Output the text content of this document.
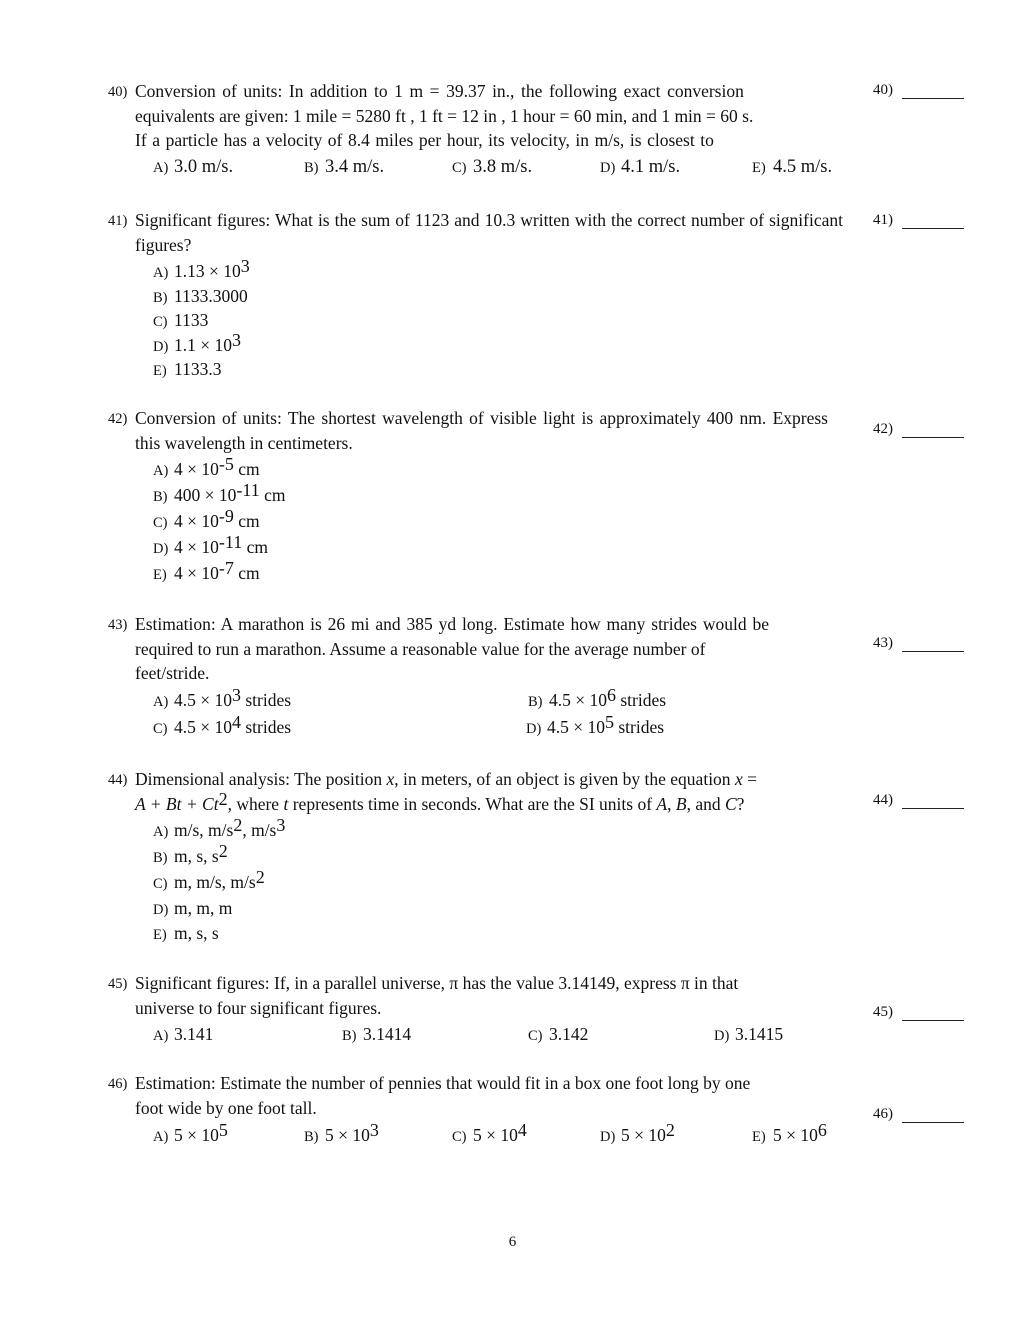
40) Conversion of units: In addition to 1 m = 39.37 in., the following exact conversion
equivalents are given: 1 mile = 5280 ft , 1 ft = 12 in , 1 hour = 60 min, and 1 min = 60 s.
If a particle has a velocity of 8.4 miles per hour, its velocity, in m/s, is closest to
A) 3.0 m/s.	B) 3.4 m/s.	C) 3.8 m/s.	D) 4.1 m/s.	E) 4.5 m/s.
40)
41) Significant figures: What is the sum of 1123 and 10.3 written with the correct number of significant figures?
A) $1.13 \times 10^3$
B) 1133.3000
C) 1133
D) $1.1 \times 10^3$
E) 1133.3
41)
42) Conversion of units: The shortest wavelength of visible light is approximately 400 nm. Express this wavelength in centimeters.
A) $4 \times 10^{-5}$ cm
B) $400 \times 10^{-11}$ cm
C) $4 \times 10^{-9}$ cm
D) $4 \times 10^{-11}$ cm
E) $4 \times 10^{-7}$ cm
42)
43) Estimation: A marathon is 26 mi and 385 yd long. Estimate how many strides would be
required to run a marathon. Assume a reasonable value for the average number of
feet/stride.
A) $4.5 \times 10^3$ strides	B) $4.5 \times 10^6$ strides
C) $4.5 \times 10^4$ strides	D) $4.5 \times 10^5$ strides
43)
44) Dimensional analysis: The position x, in meters, of an object is given by the equation x =
$A + Bt + Ct^2$, where t represents time in seconds. What are the SI units of A, B, and C?
A) m/s, $m/s^2$, $m/s^3$
B) m, s, $s^2$
C) m, m/s, $m/s^2$
D) m, m, m
E) m, s, s
44)
45) Significant figures: If, in a parallel universe, π has the value 3.14149, express π in that
universe to four significant figures.
A) 3.141	B) 3.1414	C) 3.142	D) 3.1415
45)
46) Estimation: Estimate the number of pennies that would fit in a box one foot long by one
foot wide by one foot tall.
A) $5 \times 10^5$	B) $5 \times 10^3$	C) $5 \times 10^4$	D) $5 \times 10^2$	E) $5 \times 10^6$
46)
6
